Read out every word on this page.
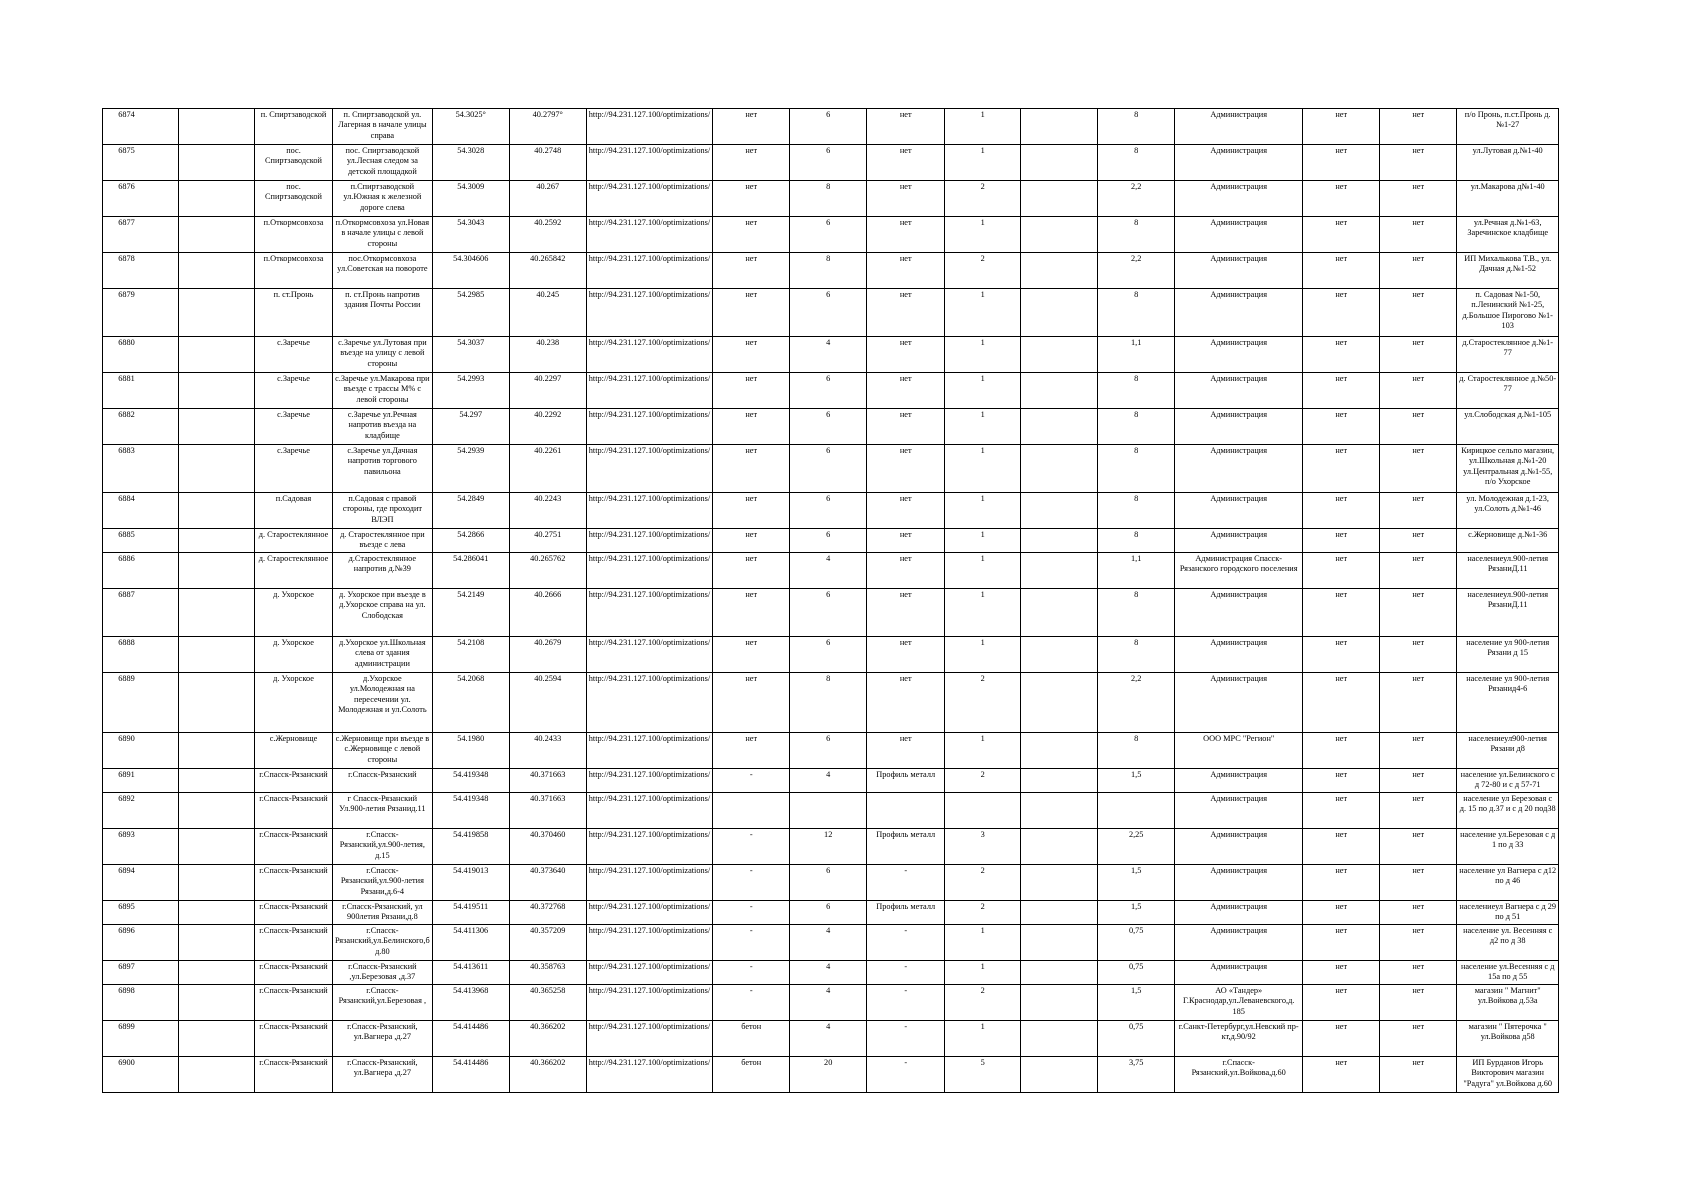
6874		п. Спиртзаводской	п. Спиртзаводской ул. Лагерная в начале улицы справа	54.3025°	40.2797°	http://94.231.127.100/optimizations/	нет	6	нет	1		8	Администрация	нет	нет	п/о Пронь, п.ст.Пронь д.№1-27
6875		пос. Спиртзаводской	пос. Спиртзаводской ул.Лесная следом за детской площадкой	54.3028	40.2748	http://94.231.127.100/optimizations/	нет	6	нет	1		8	Администрация	нет	нет	ул.Лутовая д.№1-40
6876		пос. Спиртзаводской	п.Спиртзаводской ул.Южная к железной дороге слева	54.3009	40.267	http://94.231.127.100/optimizations/	нет	8	нет	2		2,2	Администрация	нет	нет	ул.Макарова д№1-40
6877		п.Откормсовхоза	п.Откормсовхоза ул.Новая в начале улицы с левой стороны	54.3043	40.2592	http://94.231.127.100/optimizations/	нет	6	нет	1		8	Администрация	нет	нет	ул.Речная д.№1-63, Заречинское кладбище
6878		п.Откормсовхоза	пос.Откормсовхоза ул.Советская на повороте	54.304606	40.265842	http://94.231.127.100/optimizations/	нет	8	нет	2		2,2	Администрация	нет	нет	ИП Михалькова Т.В., ул. Дачная д.№1-52
6879		п. ст.Пронь	п. ст.Пронь напротив здания Почты России	54.2985	40.245	http://94.231.127.100/optimizations/	нет	6	нет	1		8	Администрация	нет	нет	п. Садовая №1-50, п.Ленинский №1-25, д.Большое Пирогово №1-103
6880		с.Заречье	с.Заречье ул.Лутовая при въезде на улицу с левой стороны	54.3037	40.238	http://94.231.127.100/optimizations/	нет	4	нет	1		1,1	Администрация	нет	нет	д.Старостеклянное д.№1-77
6881		с.Заречье	с.Заречье ул.Макарова при въезде с трассы М% с левой стороны	54.2993	40.2297	http://94.231.127.100/optimizations/	нет	6	нет	1		8	Администрация	нет	нет	д. Старостеклянное д.№50-77
6882		с.Заречье	с.Заречье ул.Речная напротив въезда на кладбище	54.297	40.2292	http://94.231.127.100/optimizations/	нет	6	нет	1		8	Администрация	нет	нет	ул.Слободская д.№1-105
6883		с.Заречье	с.Заречье ул.Дачная напротив торгового павильона	54.2939	40.2261	http://94.231.127.100/optimizations/	нет	6	нет	1		8	Администрация	нет	нет	Кирицкое сельпо магазин, ул.Школьная д.№1-20 ул.Центральная д.№1-55, п/о Ухорское
6884		п.Садовая	п.Садовая с правой стороны, где проходит ВЛЭП	54.2849	40.2243	http://94.231.127.100/optimizations/	нет	6	нет	1		8	Администрация	нет	нет	ул. Молодежная д.1-23, ул.Солоть д.№1-46
6885		д. Старостеклянное	д. Старостеклянное при въезде с лева	54.2866	40.2751	http://94.231.127.100/optimizations/	нет	6	нет	1		8	Администрация	нет	нет	с.Жерновище д.№1-36
6886		д. Старостеклянное	д.Старостеклянное напротив д.№39	54.286041	40.265762	http://94.231.127.100/optimizations/	нет	4	нет	1		1,1	Администрация Спасск-Рязанского городского поселения	нет	нет	населениеул.900-летия РязаниД.11
6887		д. Ухорское	д. Ухорское при въезде в д.Ухорское справа на ул. Слободская	54.2149	40.2666	http://94.231.127.100/optimizations/	нет	6	нет	1		8	Администрация	нет	нет	населениеул.900-летия РязаниД.11
6888		д. Ухорское	д.Ухорское ул.Школьная слева от здания администрации	54.2108	40.2679	http://94.231.127.100/optimizations/	нет	6	нет	1		8	Администрация	нет	нет	население ул 900-летия Рязани д 15
6889		д. Ухорское	д.Ухорское ул.Молодежная на пересечении ул. Молодежная и ул.Солоть	54.2068	40.2594	http://94.231.127.100/optimizations/	нет	8	нет	2		2,2	Администрация	нет	нет	население ул 900-летия Рязанид4-6
6890		с.Жерновище	с.Жерновище при въезде в с.Жерновище с левой стороны	54.1980	40.2433	http://94.231.127.100/optimizations/	нет	6	нет	1		8	ООО МРС "Регион"	нет	нет	населениеул900-летия Рязани д8
6891		г.Спасск-Рязанский	г.Спасск-Рязанский	54.419348	40.371663	http://94.231.127.100/optimizations/	-	4	Профиль металл	2		1,5	Администрация	нет	нет	население ул.Белинского с д 72-80 и с д 57-71
6892		г.Спасск-Рязанский	г Спасск-Рязанский Ул.900-летия Рязанид.11	54.419348	40.371663	http://94.231.127.100/optimizations/							Администрация	нет	нет	население ул Березовая с д. 15 по д.37 и с д 20 под38
6893		г.Спасск-Рязанский	г.Спасск-Рязанский,ул.900-летия, д.15	54.419858	40.370460	http://94.231.127.100/optimizations/	-	12	Профиль металл	3		2,25	Администрация	нет	нет	население ул.Березовая с д 1 по д 33
6894		г.Спасск-Рязанский	г.Спасск-Рязанский,ул.900-летия Рязани,д.6-4	54.419013	40.373640	http://94.231.127.100/optimizations/	-	6	-	2		1,5	Администрация	нет	нет	население ул Вагнера с д12 по д 46
6895		г.Спасск-Рязанский	г.Спасск-Рязанский, ул 900летия Рязани,д.8	54.419511	40.372768	http://94.231.127.100/optimizations/	-	6	Профиль металл	2		1,5	Администрация	нет	нет	населениеул Вагнера с д 29 по д 51
6896		г.Спасск-Рязанский	г.Спасск-Рязанский,ул.Белинского,б д.80	54.411306	40.357209	http://94.231.127.100/optimizations/	-	4	-	1		0,75	Администрация	нет	нет	население ул. Весенняя с д2 по д 38
6897		г.Спасск-Рязанский	г.Спасск-Рязанский ,ул.Березовая ,д.37	54.413611	40.358763	http://94.231.127.100/optimizations/	-	4	-	1		0,75	Администрация	нет	нет	население ул.Весенняя с д 15а по д 55
6898		г.Спасск-Рязанский	г.Спасск-Рязанский,ул.Березовая ,	54.413968	40.365258	http://94.231.127.100/optimizations/	-	4	-	2		1,5	АО «Тандер» Г.Краснодар,ул.Леваневского,д. 185	нет	нет	магазин " Магнит" ул.Войкова д.53а
6899		г.Спасск-Рязанский	г.Спасск-Рязанский, ул.Вагнера ,д.27	54.414486	40.366202	http://94.231.127.100/optimizations/	бетон	4	-	1		0,75	г.Санкт-Петербург,ул.Невский пр-кт,д.90/92	нет	нет	магазин " Пятерочка " ул.Войкова д58
6900		г.Спасск-Рязанский	г.Спасск-Рязанский, ул.Вагнера ,д.27	54.414486	40.366202	http://94.231.127.100/optimizations/	бетон	20	-	5		3,75	г.Спасск-Рязанский,ул.Войкова,д.60	нет	нет	ИП Бурданов Игорь Викторович магазин "Радуга" ул.Войкова д.60
